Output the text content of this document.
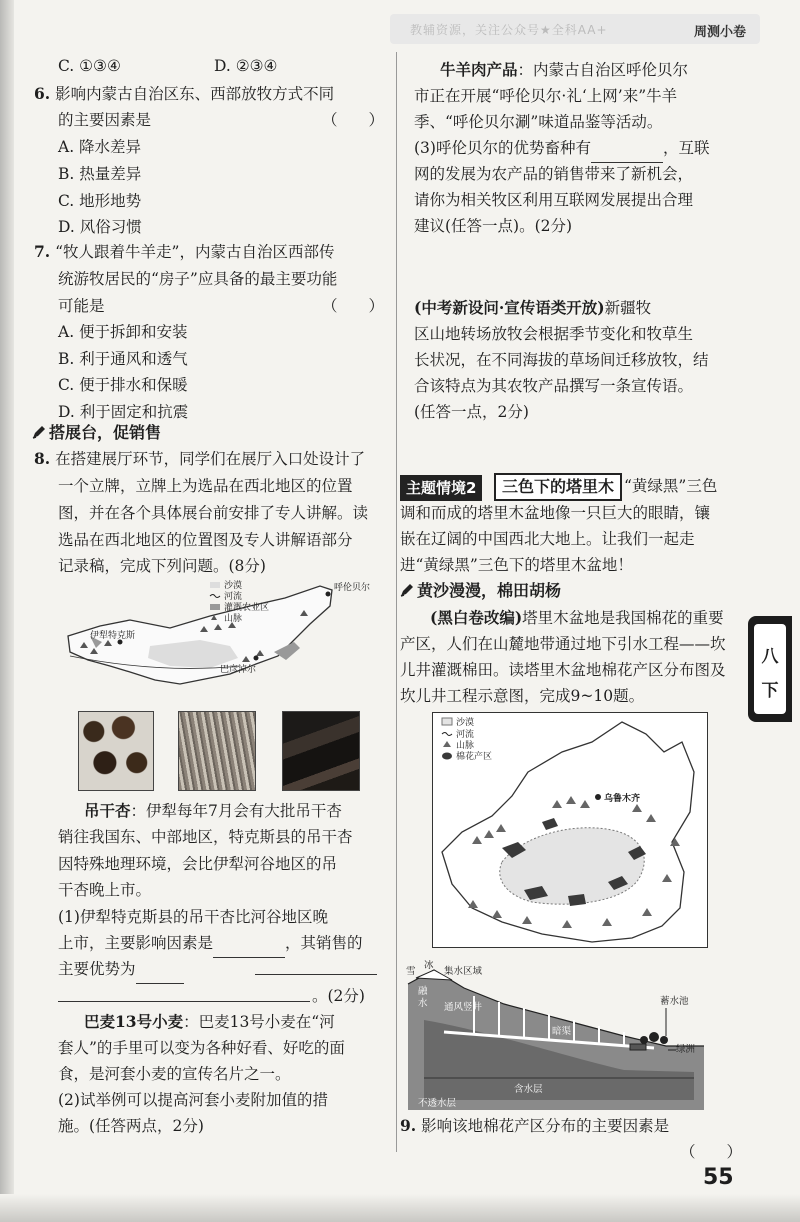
教辅资源，关注公众号★全科AA+	周测小卷
C. ①③④	D. ②③④
6. 影响内蒙古自治区东、西部放牧方式不同
的主要因素是	（　　）
A. 降水差异
B. 热量差异
C. 地形地势
D. 风俗习惯
7. “牧人跟着牛羊走”，内蒙古自治区西部传
统游牧居民的“房子”应具备的最主要功能
可能是	（　　）
A. 便于拆卸和安装
B. 利于通风和透气
C. 便于排水和保暖
D. 利于固定和抗震
搭展台，促销售
8. 在搭建展厅环节，同学们在展厅入口处设计了
一个立牌，立牌上为选品在西北地区的位置
图，并在各个具体展台前安排了专人讲解。读
选品在西北地区的位置图及专人讲解语部分
记录稿，完成下列问题。(8分)
沙漠
河流
灌溉农业区
山脉
呼伦贝尔
伊犁特克斯
巴彦淖尔
吊干杏：伊犁每年7月会有大批吊干杏
销往我国东、中部地区，特克斯县的吊干杏
因特殊地理环境，会比伊犁河谷地区的吊
干杏晚上市。
(1)伊犁特克斯县的吊干杏比河谷地区晚
上市，主要影响因素是	，其销售的
主要优势为
。(2分)
巴麦13号小麦：巴麦13号小麦在“河
套人”的手里可以变为各种好看、好吃的面
食，是河套小麦的宣传名片之一。
(2)试举例可以提高河套小麦附加值的措
施。(任答两点，2分)
牛羊肉产品：内蒙古自治区呼伦贝尔
市正在开展“呼伦贝尔·礼‘上网’来”牛羊
季、“呼伦贝尔涮”味道品鉴等活动。
(3)呼伦贝尔的优势畜种有	，互联
网的发展为农产品的销售带来了新机会，
请你为相关牧区利用互联网发展提出合理
建议(任答一点)。(2分)
(中考新设问·宣传语类开放)新疆牧
区山地转场放牧会根据季节变化和牧草生
长状况，在不同海拔的草场间迁移放牧，结
合该特点为其农牧产品撰写一条宣传语。
(任答一点，2分)
主题情境2	三色下的塔里木 “黄绿黑”三色
调和而成的塔里木盆地像一只巨大的眼睛，镶
嵌在辽阔的中国西北大地上。让我们一起走
进“黄绿黑”三色下的塔里木盆地！
黄沙漫漫，棉田胡杨
(黑白卷改编)塔里木盆地是我国棉花的重要
产区，人们在山麓地带通过地下引水工程——坎
儿井灌溉棉田。读塔里木盆地棉花产区分布图及
坎儿井工程示意图，完成9~10题。
沙漠
河流
山脉
棉花产区
乌鲁木齐
雪
冰
集水区域
融
水 通风竖井
暗渠
蓄水池
绿洲
含水层
不透水层
9. 影响该地棉花产区分布的主要因素是
（　　）
八
下
55
